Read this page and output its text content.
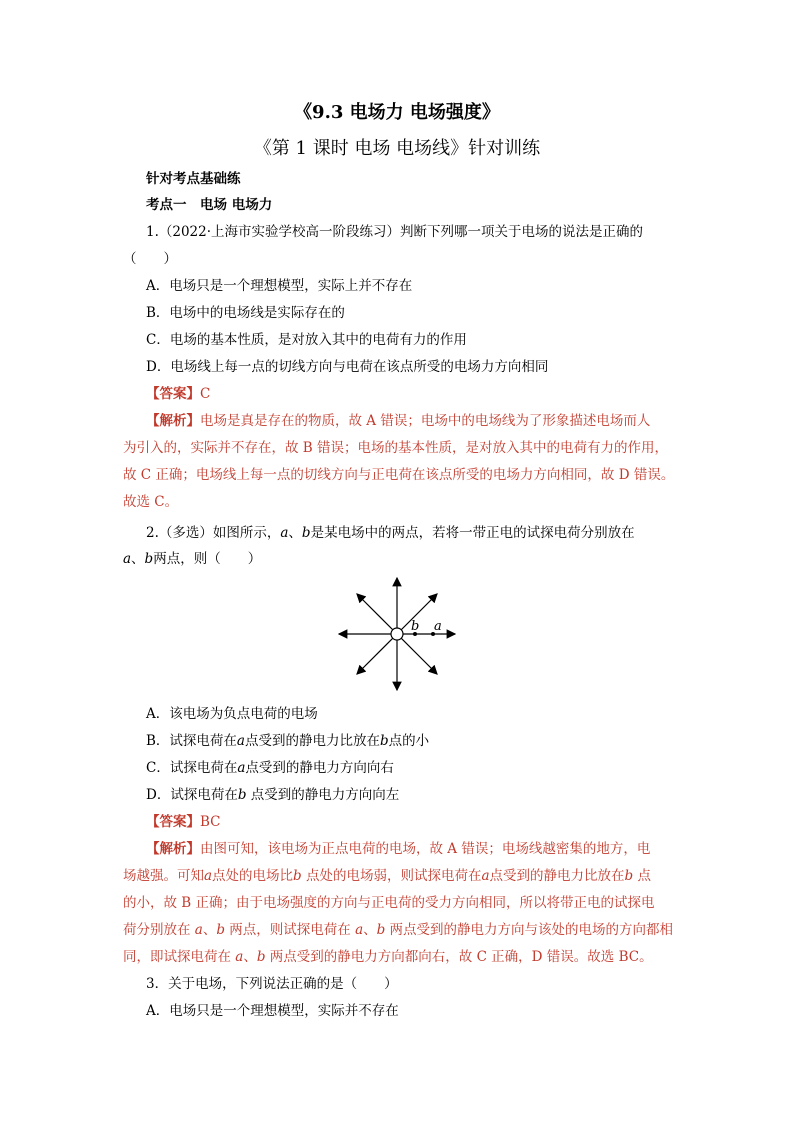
《9.3 电场力 电场强度》
《第 1 课时 电场 电场线》针对训练
针对考点基础练
考点一　电场 电场力
1.（2022·上海市实验学校高一阶段练习）判断下列哪一项关于电场的说法是正确的
（　　）
A．电场只是一个理想模型，实际上并不存在
B．电场中的电场线是实际存在的
C．电场的基本性质，是对放入其中的电荷有力的作用
D．电场线上每一点的切线方向与电荷在该点所受的电场力方向相同
【答案】C
【解析】电场是真是存在的物质，故 A 错误；电场中的电场线为了形象描述电场而人
为引入的，实际并不存在，故 B 错误；电场的基本性质，是对放入其中的电荷有力的作用，
故 C 正确；电场线上每一点的切线方向与正电荷在该点所受的电场力方向相同，故 D 错误。
故选 C。
2.（多选）如图所示，𝑎、𝑏是某电场中的两点，若将一带正电的试探电荷分别放在
𝑎、𝑏两点，则（　　）
b a
A．该电场为负点电荷的电场
B．试探电荷在𝑎点受到的静电力比放在𝑏点的小
C．试探电荷在𝑎点受到的静电力方向向右
D．试探电荷在𝑏 点受到的静电力方向向左
【答案】BC
【解析】由图可知，该电场为正点电荷的电场，故 A 错误；电场线越密集的地方，电
场越强。可知𝑎点处的电场比𝑏 点处的电场弱，则试探电荷在𝑎点受到的静电力比放在𝑏 点
的小，故 B 正确；由于电场强度的方向与正电荷的受力方向相同，所以将带正电的试探电
荷分别放在 𝑎、𝑏 两点，则试探电荷在 𝑎、𝑏 两点受到的静电力方向与该处的电场的方向都相
同，即试探电荷在 𝑎、𝑏 两点受到的静电力方向都向右，故 C 正确，D 错误。故选 BC。
3．关于电场，下列说法正确的是（　　）
A．电场只是一个理想模型，实际并不存在
